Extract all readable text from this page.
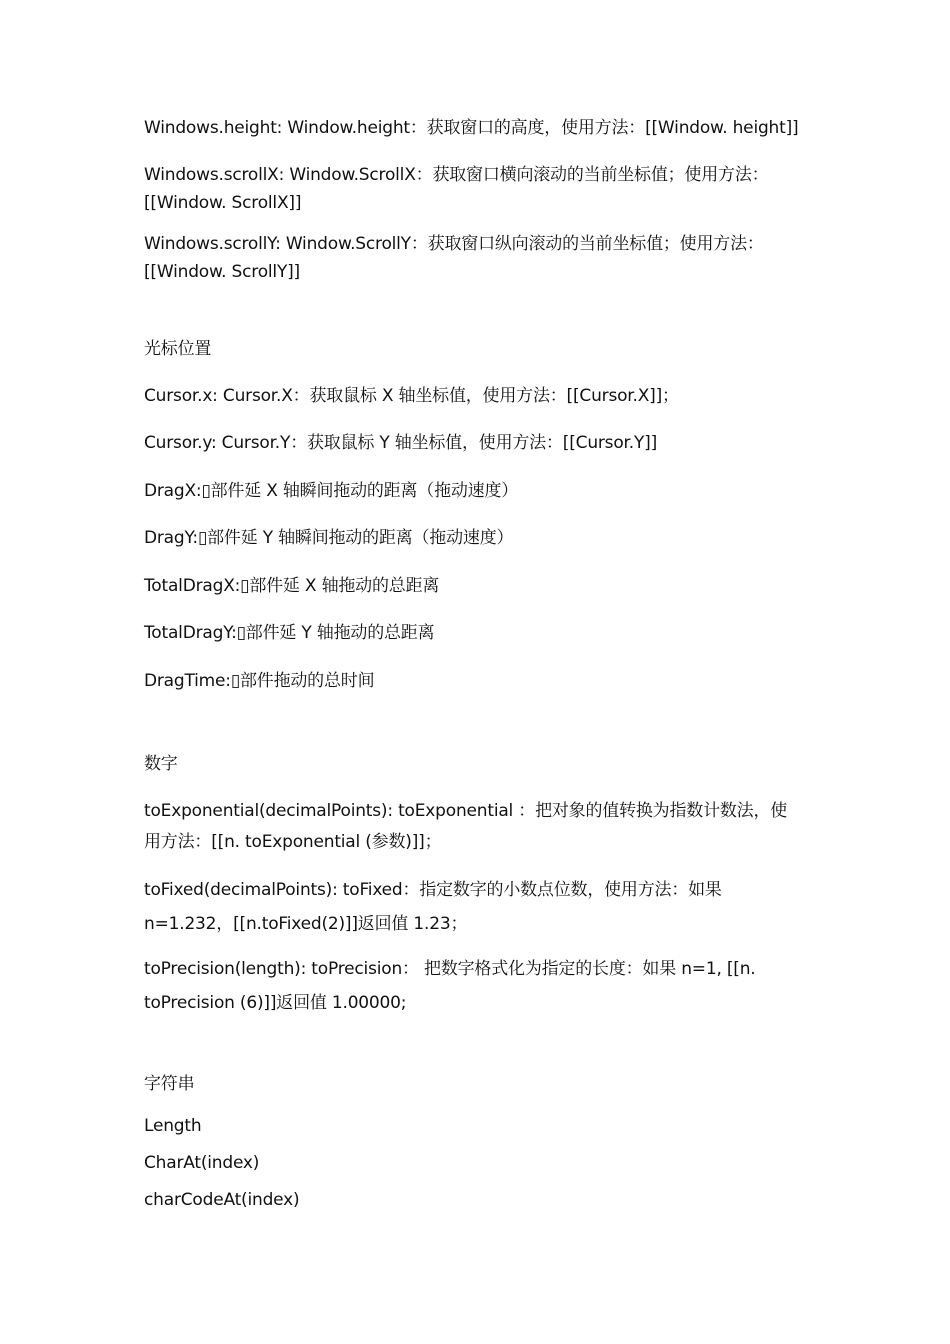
Windows.height: Window.height：获取窗口的高度，使用方法：[[Window. height]]
Windows.scrollX: Window.ScrollX：获取窗口横向滚动的当前坐标值；使用方法：
[[Window. ScrollX]]
Windows.scrollY: Window.ScrollY：获取窗口纵向滚动的当前坐标值；使用方法：
[[Window. ScrollY]]
光标位置
Cursor.x: Cursor.X：获取鼠标 X 轴坐标值，使用方法：[[Cursor.X]]；
Cursor.y: Cursor.Y：获取鼠标 Y 轴坐标值，使用方法：[[Cursor.Y]]
DragX:▯部件延 X 轴瞬间拖动的距离（拖动速度）
DragY:▯部件延 Y 轴瞬间拖动的距离（拖动速度）
TotalDragX:▯部件延 X 轴拖动的总距离
TotalDragY:▯部件延 Y 轴拖动的总距离
DragTime:▯部件拖动的总时间
数字
toExponential(decimalPoints): toExponential ：把对象的值转换为指数计数法，使
用方法：[[n. toExponential (参数)]]；
toFixed(decimalPoints): toFixed：指定数字的小数点位数，使用方法：如果
n=1.232，[[n.toFixed(2)]]返回值 1.23；
toPrecision(length): toPrecision： 把数字格式化为指定的长度：如果 n=1, [[n.
toPrecision (6)]]返回值 1.00000;
字符串
Length
CharAt(index)
charCodeAt(index)
